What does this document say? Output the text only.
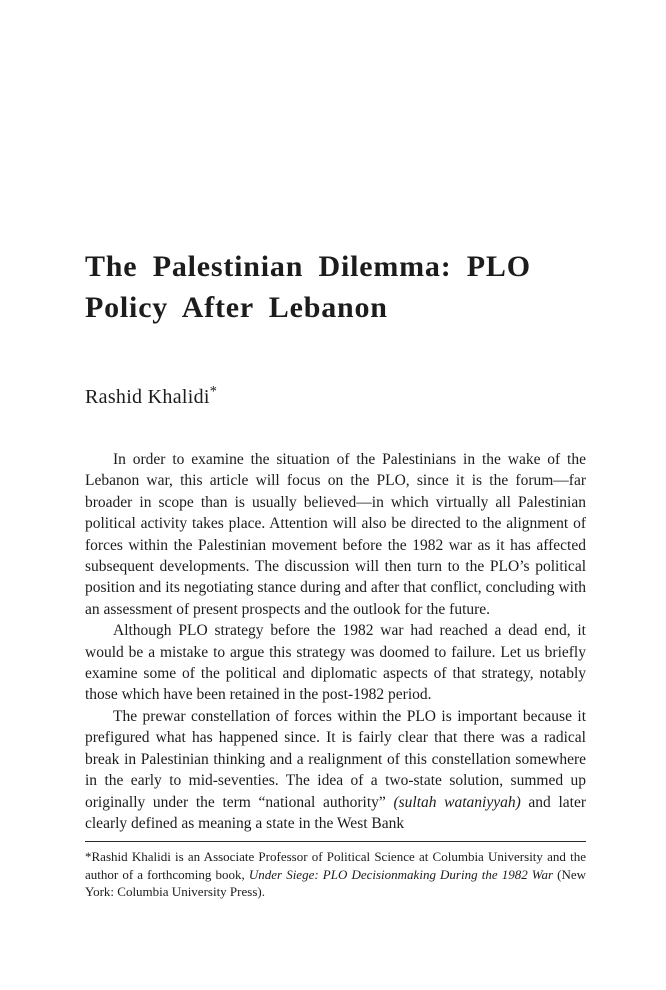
The Palestinian Dilemma: PLO
Policy After Lebanon
Rashid Khalidi*

In order to examine the situation of the Palestinians in the wake of the Lebanon war, this article will focus on the PLO, since it is the forum—far broader in scope than is usually believed—in which virtually all Palestinian political activity takes place. Attention will also be directed to the alignment of forces within the Palestinian movement before the 1982 war as it has affected subsequent developments. The discussion will then turn to the PLO’s political position and its negotiating stance during and after that conflict, concluding with an assessment of present prospects and the outlook for the future.

Although PLO strategy before the 1982 war had reached a dead end, it would be a mistake to argue this strategy was doomed to failure. Let us briefly examine some of the political and diplomatic aspects of that strategy, notably those which have been retained in the post-1982 period.

The prewar constellation of forces within the PLO is important because it prefigured what has happened since. It is fairly clear that there was a radical break in Palestinian thinking and a realignment of this constellation somewhere in the early to mid-seventies. The idea of a two-state solution, summed up originally under the term “national authority” (sultah wataniyyah) and later clearly defined as meaning a state in the West Bank

*Rashid Khalidi is an Associate Professor of Political Science at Columbia University and the author of a forthcoming book, Under Siege: PLO Decisionmaking During the 1982 War (New York: Columbia University Press).
